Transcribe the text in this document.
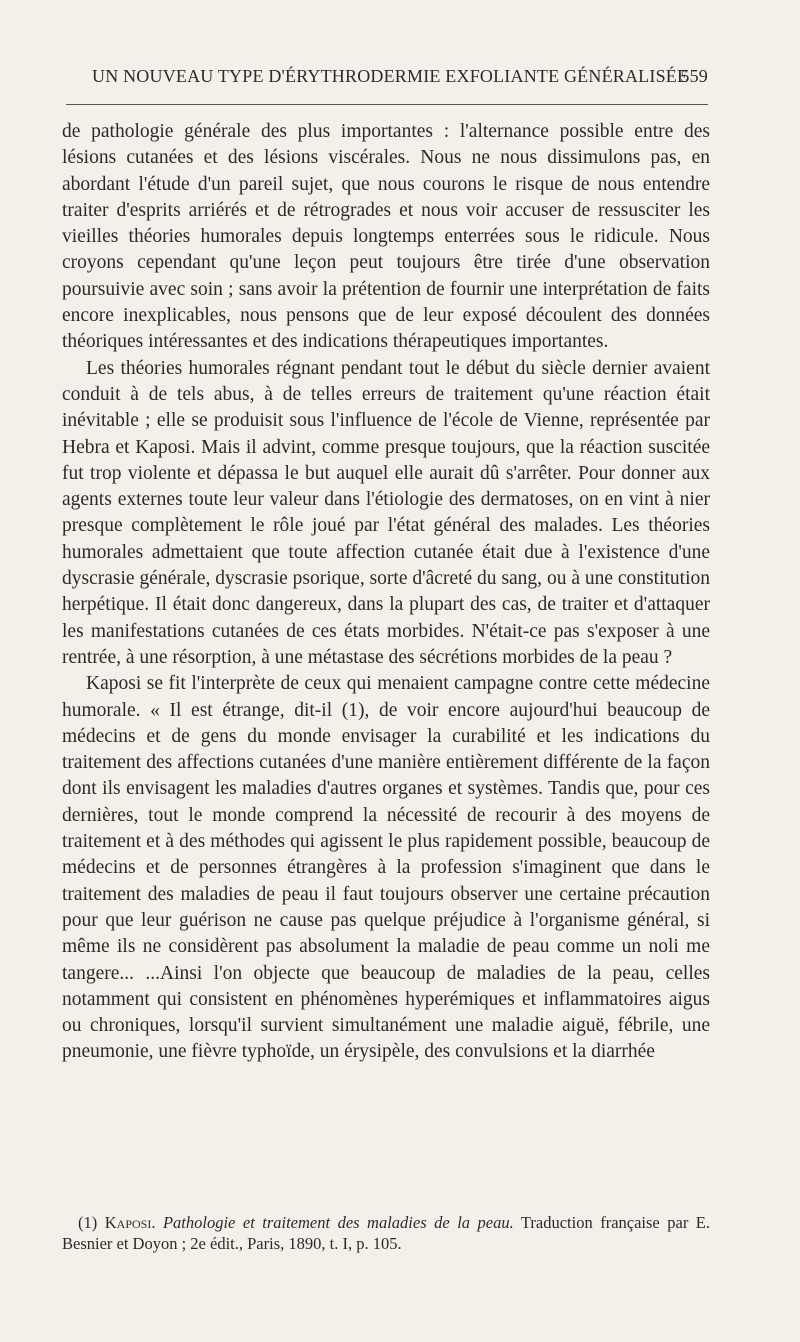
UN NOUVEAU TYPE D'ÉRYTHRODERMIE EXFOLIANTE GÉNÉRALISÉE
559

de pathologie générale des plus importantes : l'alternance possible entre des lésions cutanées et des lésions viscérales. Nous ne nous dissimulons pas, en abordant l'étude d'un pareil sujet, que nous courons le risque de nous entendre traiter d'esprits arriérés et de rétrogrades et nous voir accuser de ressusciter les vieilles théories humorales depuis longtemps enterrées sous le ridicule. Nous croyons cependant qu'une leçon peut toujours être tirée d'une observation poursuivie avec soin ; sans avoir la prétention de fournir une interprétation de faits encore inexplicables, nous pensons que de leur exposé découlent des données théoriques intéressantes et des indications thérapeutiques importantes.

Les théories humorales régnant pendant tout le début du siècle dernier avaient conduit à de tels abus, à de telles erreurs de traitement qu'une réaction était inévitable ; elle se produisit sous l'influence de l'école de Vienne, représentée par Hebra et Kaposi. Mais il advint, comme presque toujours, que la réaction suscitée fut trop violente et dépassa le but auquel elle aurait dû s'arrêter. Pour donner aux agents externes toute leur valeur dans l'étiologie des dermatoses, on en vint à nier presque complètement le rôle joué par l'état général des malades. Les théories humorales admettaient que toute affection cutanée était due à l'existence d'une dyscrasie générale, dyscrasie psorique, sorte d'âcreté du sang, ou à une constitution herpétique. Il était donc dangereux, dans la plupart des cas, de traiter et d'attaquer les manifestations cutanées de ces états morbides. N'était-ce pas s'exposer à une rentrée, à une résorption, à une métastase des sécrétions morbides de la peau ?

Kaposi se fit l'interprète de ceux qui menaient campagne contre cette médecine humorale. « Il est étrange, dit-il (1), de voir encore aujourd'hui beaucoup de médecins et de gens du monde envisager la curabilité et les indications du traitement des affections cutanées d'une manière entièrement différente de la façon dont ils envisagent les maladies d'autres organes et systèmes. Tandis que, pour ces dernières, tout le monde comprend la nécessité de recourir à des moyens de traitement et à des méthodes qui agissent le plus rapidement possible, beaucoup de médecins et de personnes étrangères à la profession s'imaginent que dans le traitement des maladies de peau il faut toujours observer une certaine précaution pour que leur guérison ne cause pas quelque préjudice à l'organisme général, si même ils ne considèrent pas absolument la maladie de peau comme un noli me tangere... ...Ainsi l'on objecte que beaucoup de maladies de la peau, celles notamment qui consistent en phénomènes hyperémiques et inflammatoires aigus ou chroniques, lorsqu'il survient simultanément une maladie aiguë, fébrile, une pneumonie, une fièvre typhoïde, un érysipèle, des convulsions et la diarrhée

(1) Kaposi. Pathologie et traitement des maladies de la peau. Traduction française par E. Besnier et Doyon ; 2e édit., Paris, 1890, t. I, p. 105.
